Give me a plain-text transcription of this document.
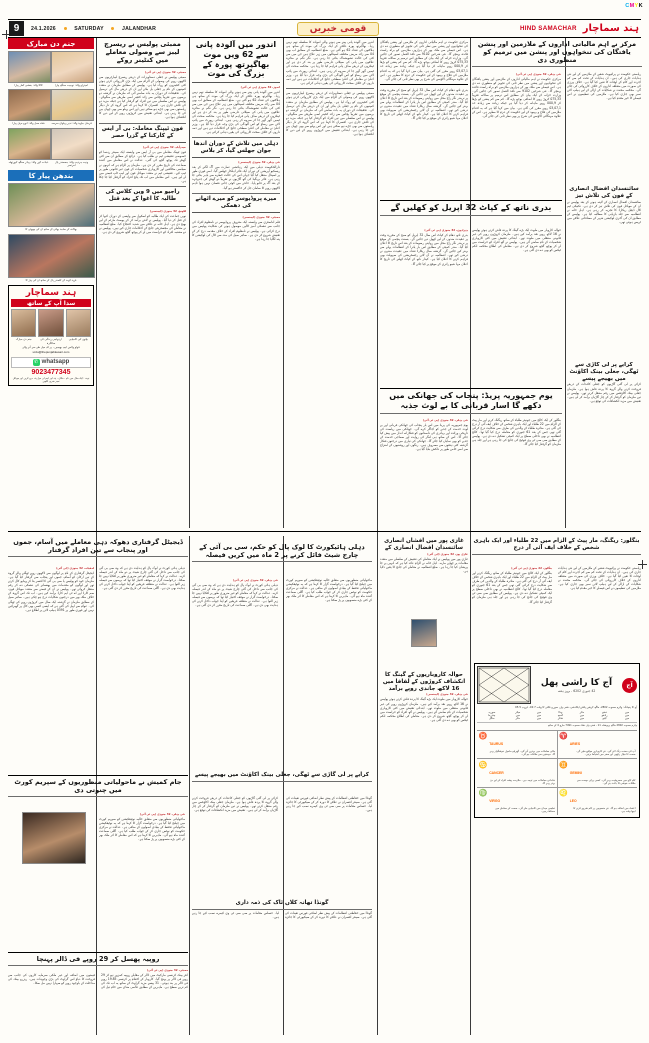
CMYK
9	24.1.2026	SATURDAY	JALANDHAR	قومی خبریں	HIND SAMACHAR ہند سماچار
جنم دن مبارک
کاکا والد: بخشی کمار پیارا	امیتراج والد: نوجیت سنگھ پیارا
شاہ محل والد: انوج مہل پیارا	فرحان جاوید والد: نذیر پہلوان سرسہ
عبادت کور والد: بہادر سنگھ کپورتھلہ	ونیت ہردیپ والد: جسمندر پال امرتسر
بندھن پیار کا
بھاکٹ کے ساجد بھائی کے ساتھ ان کی چھوٹی کا
فرید کوٹ کے کلمندر پال کے ساتھ ان کی پیار کا
ہند سماچار
سدا آپ کے ساتھ
جنم دن مبارک	ازدواجی زندگی کی سالگرہ
بچوں کی کامیابی
فوٹو واٹس ایپ بھیجیں ، پر ای میل طے سے آنے والے
urdu@thepunjabkesari.com
✆ whatsapp
9023477345
نوٹ : ایک سال میں نام ، مکان ، پتہ اور اہم ای میل پتہ درج کریں اور موبائل نمبر ضرور لکھیں
ممبئی پولیس نے ریسرچ لیبز سے وصولی معاملے میں کنٹینر روکے
ممبئی، 23 جنوری (پی ٹی آئی)
ممبئی پولیس نے جعلی دستاویزات کے ذریعے ریسرچ لیبارٹریوں سے لاکھوں روپے کی وصولی کے الزام میں ایک بڑی کارروائی کرتے ہوئے کئی کنٹینروں کو روک لیا ہے۔ پولیس کے مطابق ملزمان نے متعدد کمپنیوں کے نام پر جعلی بل بنائے اور ان کے ذریعے مال کی ترسیل کی۔ تحقیقات کے دوران یہ بات سامنے آئی کہ ملزمان نے گزشتہ دو برسوں میں تقریباً پچاس سے زائد کنٹینر اسی طریقے سے منگوائے۔ پولیس نے اس سلسلے میں تین افراد کو گرفتار کیا ہے جبکہ مزید دو کی تلاش جاری ہے۔ افسران کا کہنا ہے کہ اس گروہ کے تار دیگر ریاستوں سے بھی جڑے ہو سکتے ہیں اور اس پہلو سے بھی چھان بین کی جا رہی ہے۔ ابتدائی تفتیش میں کروڑوں روپے کے لین دین کا انکشاف ہوا ہے۔
فون ٹیپنگ معاملہ: بی آر ایس کے کارکنا کے گزرا حصر
حیدرآباد، 23 جنوری (پی ٹی آئی)
فون ٹیپنگ معاملے میں بی آر ایس سے وابستہ ایک سینئر رہنما کو خصوصی تفتیشی ٹیم نے طلب کیا ہے۔ ذرائع کے مطابق ان سے کئی گھنٹے تک پوچھ گچھ کی گئی۔ عدالت نے اس معاملے میں آئندہ سماعت کی تاریخ مقرر کر دی ہے۔ ملزمان پر الزام ہے کہ انہوں نے سیاسی مخالفین اور کاروباری شخصیات کے فون غیر قانونی طور پر ٹیپ کیے۔ تفتیشی ٹیم نے متعدد موبائل فون اور لیپ ٹاپ قبضے میں لے لیے ہیں۔ اس معاملے میں اب تک پانچ افراد کو گرفتار کیا جا چکا ہے۔
راجیو میں 9 ویں کلاس کی طالبہ کا اغوا کے بعد قتل
لکھنؤ، 23 جنوری (ایجنسی)
نویں جماعت کی ایک طالبہ کو اسکول سے واپسی کے دوران اغوا کر کے قتل کر دیا گیا۔ پولیس نے لاش برآمد کر کے پوسٹ مارٹم کے لیے بھیج دی ہے۔ اہل خانہ نے علاقے میں شدید احتجاج کیا۔ ضلع انتظامیہ نے معاملے کی مجسٹریٹی جانچ کے احکامات جاری کیے ہیں۔ پولیس نے دو مشتبہ افراد کو حراست میں لے کر پوچھ گچھ شروع کر دی ہے۔
اندور میں آلودہ پانی سے 26 ویں موت بھاگیرتھ پورہ کے بزرگ کی موت
اندور، 23 جنوری (پی ٹی آئی)
اندور میں آلودہ پانی پینے سے ہونے والی اموات کا سلسلہ تھم نہیں رہا۔ بھاگیرتھ پورہ علاقے کے ایک بزرگ کی موت کے ساتھ ہی ہلاکتوں کی تعداد 26 ہو گئی ہے۔ ضلع انتظامیہ کے مطابق اب بھی 40 سے زائد مریض مختلف اسپتالوں میں زیر علاج ہیں جن میں سے کئی کی حالت تشویشناک بتائی جا رہی ہے۔ نگر نگم نے متاثرہ علاقوں میں پانی کی سپلائی عارضی طور پر بند کر دی ہے اور ٹینکروں کے ذریعے صاف پانی فراہم کیا جا رہا ہے۔ محکمہ صحت کی ٹیمیں گھر گھر جا کر سروے کر رہی ہیں۔ ابتدائی رپورٹ میں پائپ لائن میں رساؤ کو اس آلودگی کی بڑی وجہ قرار دیا گیا ہے۔ وزیر اعلیٰ نے معاملے کی اعلیٰ سطحی جانچ کے احکامات دیے ہیں اور ذمہ داروں کے خلاف سخت کارروائی کی یقین دہانی کرائی ہے۔
دہلی میں تلاش کے دوران اندھا جوان جھلس گیا، کر بلاس
نئی دہلی، 23 جنوری (ایجنسی)
دارالحکومت دہلی میں ایک رہائشی عمارت میں آگ لگنے کے بعد ریسکیو آپریشن کے دوران ایک فائر اہلکار جھلس گیا۔ اسے فوری طور پر اسپتال منتقل کیا گیا جہاں اس کی حالت خطرے سے باہر بتائی جا رہی ہے۔ فائر بریگیڈ کی آٹھ گاڑیوں نے تقریباً دو گھنٹے کی جدوجہد کے بعد آگ پر قابو پایا۔ حادثے میں کوئی جانی نقصان نہیں ہوا تاہم لاکھوں روپے کا سامان جل کر خاکستر ہو گیا۔
میرے پروڈیوسر کو میرے اٹھانے کی دھمکی
ممبئی، 23 جنوری (ایجنسی)
فلم انڈسٹری سے وابستہ ایک معروف پروڈیوسر نے نامعلوم افراد کی جانب سے دھمکی آمیز کالیں موصول ہونے کی شکایت پولیس میں درج کرائی ہے۔ پولیس نے نامعلوم افراد کے خلاف مقدمہ درج کر کے تفتیش شروع کر دی ہے۔ سائبر سیل کی مدد سے کال کی لوکیشن کا پتہ لگایا جا رہا ہے۔
اندور میں آلودہ پانی پینے سے ہونے والی اموات کا سلسلہ تھم نہیں رہا۔ بھاگیرتھ پورہ علاقے کے ایک بزرگ کی موت کے ساتھ ہی ہلاکتوں کی تعداد 26 ہو گئی ہے۔ ضلع انتظامیہ کے مطابق اب بھی 40 سے زائد مریض مختلف اسپتالوں میں زیر علاج ہیں جن میں سے کئی کی حالت تشویشناک بتائی جا رہی ہے۔ نگر نگم نے متاثرہ علاقوں میں پانی کی سپلائی عارضی طور پر بند کر دی ہے اور ٹینکروں کے ذریعے صاف پانی فراہم کیا جا رہا ہے۔ محکمہ صحت کی ٹیمیں گھر گھر جا کر سروے کر رہی ہیں۔ ابتدائی رپورٹ میں پائپ لائن میں رساؤ کو اس آلودگی کی بڑی وجہ قرار دیا گیا ہے۔ وزیر اعلیٰ نے معاملے کی اعلیٰ سطحی جانچ کے احکامات دیے ہیں اور ذمہ داروں کے خلاف سخت کارروائی کی یقین دہانی کرائی ہے۔
ممبئی پولیس نے جعلی دستاویزات کے ذریعے ریسرچ لیبارٹریوں سے لاکھوں روپے کی وصولی کے الزام میں ایک بڑی کارروائی کرتے ہوئے کئی کنٹینروں کو روک لیا ہے۔ پولیس کے مطابق ملزمان نے متعدد کمپنیوں کے نام پر جعلی بل بنائے اور ان کے ذریعے مال کی ترسیل کی۔ تحقیقات کے دوران یہ بات سامنے آئی کہ ملزمان نے گزشتہ دو برسوں میں تقریباً پچاس سے زائد کنٹینر اسی طریقے سے منگوائے۔ پولیس نے اس سلسلے میں تین افراد کو گرفتار کیا ہے جبکہ مزید دو کی تلاش جاری ہے۔ افسران کا کہنا ہے کہ اس گروہ کے تار دیگر ریاستوں سے بھی جڑے ہو سکتے ہیں اور اس پہلو سے بھی چھان بین کی جا رہی ہے۔ ابتدائی تفتیش میں کروڑوں روپے کے لین دین کا انکشاف ہوا ہے۔
مرکزی حکومت نے اہم مالیاتی اداروں کے ملازمین اور پنشن یافتگان کی تنخواہوں اور پنشن میں نظر ثانی کی تجویز کو منظوری دے دی ہے۔ اس فیصلے سے ملک بھر کے ہزاروں ملازمین کو براہ راست فائدہ پہنچے گا۔ نئی شرحیں 2019 سے نافذ العمل تصور کی جائیں گی۔ وزارت خزانہ کے ایک بیان کے مطابق اس ترمیم پر سالانہ تقریباً 33,570 کروڑ روپے کا اضافی بوجھ پڑے گا۔ کم سے کم پنشن کو بڑھا کر 9,000 روپے ماہانہ کر دیا گیا ہے جبکہ زیادہ سے زیادہ حد 1,70,30 روپے مقرر کی گئی ہے۔ بیان میں کہا گیا ہے کہ یہ اقدام ملازمین کی فلاح و بہبود کے لیے حکومت کے عزم کا مظہر ہے۔ اس کے علاوہ مہنگائی الاؤنس کی شرح پر بھی نظر ثانی کی جائے گی۔
بدری ناتھ دھام کے کپاٹ اس سال 23 اپریل کو صبح کے مقررہ وقت پر عقیدت مندوں کے لیے کھول دیے جائیں گے۔ بسنت پنچمی کے موقع پر نریندر نگر راج محل میں روایتی رسومات کے بعد اس تاریخ کا اعلان کیا گیا۔ مندر کمیٹی کے مطابق اس بار یاترا کے انتظامات پہلے سے بہتر کیے جائیں گے۔ گزشتہ سال ریکارڈ تعداد میں عقیدت مندوں نے درشن کیے تھے۔ انتظامیہ نے آن لائن رجسٹریشن کی سہولت بھی فراہم کرنے کا اعلان کیا ہے۔ کیدار ناتھ کے کپاٹ کھلنے کی تاریخ کا اعلان مہا شیو راتری کے موقع پر کیا جائے گا۔
مرکز نے اہم مالیاتی اداروں کے ملازمین اور پنشن یافتگان کی تنخواہوں اور پنشن میں ترمیم کو منظوری دی
نئی دہلی، 23 جنوری (پی ٹی آئی)
مرکزی حکومت نے اہم مالیاتی اداروں کے ملازمین اور پنشن یافتگان کی تنخواہوں اور پنشن میں نظر ثانی کی تجویز کو منظوری دے دی ہے۔ اس فیصلے سے ملک بھر کے ہزاروں ملازمین کو براہ راست فائدہ پہنچے گا۔ نئی شرحیں 2019 سے نافذ العمل تصور کی جائیں گی۔ وزارت خزانہ کے ایک بیان کے مطابق اس ترمیم پر سالانہ تقریباً 33,570 کروڑ روپے کا اضافی بوجھ پڑے گا۔ کم سے کم پنشن کو بڑھا کر 9,000 روپے ماہانہ کر دیا گیا ہے جبکہ زیادہ سے زیادہ حد 1,70,30 روپے مقرر کی گئی ہے۔ بیان میں کہا گیا ہے کہ یہ اقدام ملازمین کی فلاح و بہبود کے لیے حکومت کے عزم کا مظہر ہے۔ اس کے علاوہ مہنگائی الاؤنس کی شرح پر بھی نظر ثانی کی جائے گی۔
ریاستی حکومت نے پرائیویٹ شعبے کے ملازمین کے لیے نئی ہدایات جاری کی ہیں۔ ان ہدایات کے تحت کم سے کم اجرت اور کام کے اوقات کا تعین کیا گیا ہے۔ خلاف ورزی کی صورت میں متعلقہ اداروں کے خلاف کارروائی کی جائے گی۔ محکمہ محنت نے شکایات کے ازالے کے لیے ہیلپ لائن نمبر بھی جاری کیا ہے۔ ملازمین کی تنظیموں نے اس فیصلے کا خیر مقدم کیا ہے۔
بدری ناتھ کے کپاٹ 23 اپریل کو کھلیں گے
دہرادون، 23 جنوری (پی ٹی آئی)
بدری ناتھ دھام کے کپاٹ اس سال 23 اپریل کو صبح کے مقررہ وقت پر عقیدت مندوں کے لیے کھول دیے جائیں گے۔ بسنت پنچمی کے موقع پر نریندر نگر راج محل میں روایتی رسومات کے بعد اس تاریخ کا اعلان کیا گیا۔ مندر کمیٹی کے مطابق اس بار یاترا کے انتظامات پہلے سے بہتر کیے جائیں گے۔ گزشتہ سال ریکارڈ تعداد میں عقیدت مندوں نے درشن کیے تھے۔ انتظامیہ نے آن لائن رجسٹریشن کی سہولت بھی فراہم کرنے کا اعلان کیا ہے۔ کیدار ناتھ کے کپاٹ کھلنے کی تاریخ کا اعلان مہا شیو راتری کے موقع پر کیا جائے گا۔
حوالہ کاروبار میں ملوث ایک بڑے گینگ کا پردہ فاش کرتے ہوئے پولیس نے 61 لاکھ روپے نقد برآمد کیے ہیں۔ ملزمان کروڑوں روپے کی غیر قانونی منتقلی میں ملوث تھے۔ ابتدائی تفتیش میں کئی کاروباری شخصیات کے نام سامنے آئے ہیں۔ پولیس نے آٹھ افراد کو حراست میں لے کر پوچھ گچھ شروع کر دی ہے۔ معاملے کی اطلاع محکمہ انکم ٹیکس کو بھی دے دی گئی ہے۔
سائنسدان افضال انصاری کے فون کی تلاش تیز
سائنسدان افضال انصاری کے لاپتہ ہونے کے بعد پولیس نے ان کے موبائل فون کی تلاش تیز کر دی ہے۔ تکنیکی ٹیم کال ڈیٹیل ریکارڈ کا تجزیہ کر رہی ہے۔ اہل خانہ نے انتظامیہ سے جلد بازیابی کا مطالبہ کیا ہے۔ پولیس کے مطابق ان کی آخری لوکیشن شہر کے مضافاتی علاقے میں ٹریس ہوئی تھی۔
یوم جمہوریہ پریڈ: پنجاب کی جھانکی میں دکھے گا اسار قربانی کا بے لوث جذبہ
نئی دہلی، 23 جنوری (پی ٹی آئی)
یوم جمہوریہ کی پریڈ میں اس بار پنجاب کی جھانکی قربانی اور بے لوث خدمت کے جذبے کو اجاگر کرے گی۔ جھانکی میں ریاست کی تاریخی وراثت اور بہادری کی داستانوں کو فنکارانہ انداز میں پیش کیا جائے گا۔ اس کے ساتھ ہی لنگر کی روایت اور سماجی خدمت کے جذبے کو بھی نمایاں کیا جائے گا۔ جھانکی کی تیاری میں درجنوں فنکار گزشتہ کئی ہفتوں سے مصروف ہیں۔ رنگوں اور روشنیوں کے امتزاج سے اسے خاص طور پر دلکش بنایا گیا ہے۔
بنگلور کے ایک کالج میں جونیئر طلباء کے ساتھ ریگنگ کرنے اور مار پیٹ کے الزام میں 22 طلباء اور ایک باہری شخص کے خلاف ایف آئی آر درج کی گئی ہے۔ متاثرہ طلباء کے والدین کی طرف سے شکایت درج کرائی گئی تھی جس کے بعد 16 جنوری کو معاملہ درج کیا گیا تھا۔ کالج انتظامیہ نے بھی داخلی سطح پر ایک کمیٹی تشکیل دے دی ہے۔ پولیس کے مطابق سی سی ٹی وی فوٹیج کی جانچ کی جا رہی ہے اور جلد ہی ملزمان کو گرفتار کیا جائے گا۔
کرایے پر لی گاڑی سے ٹھگی، جعلی بینک اکاؤنٹ میں بھیجے پیسے
کرائے پر لی گئی گاڑیوں کو جعلی کاغذات کے ذریعے فروخت کرنے والے گروہ کا پردہ فاش ہوا ہے۔ ملزمان جعلی بینک اکاؤنٹس میں رقم منتقل کرتے تھے۔ پولیس نے تین ملزمان کو گرفتار کر کے چار گاڑیاں برآمد کر لی ہیں۔ تفتیش میں مزید انکشافات کی توقع ہے۔
ڈیجیٹل گرفتاری دھوکہ دہی معاملے میں آسام، جموں اور پنجاب سے تین افراد گرفتار
لدھیانہ، 23 جنوری (این آئی)
ڈیجیٹل گرفتاری کے نام پر لوگوں سے لاکھوں روپے ٹھگنے والے گروہ کے تین ارکان کو آسام، جموں اور پنجاب سے گرفتار کیا گیا ہے۔ ملزمان خود کو پولیس یا سی بی آئی کا افسر بتا کر ویڈیو کال کرتے تھے اور لوگوں کو مقدمات میں پھنسانے کی دھمکی دے کر رقم منتقل کرواتے تھے۔ پولیس نے ان کے قبضے سے متعدد موبائل فون، سم کارڈ اور اے ٹی ایم کارڈ برآمد کیے ہیں۔ اب تک اس گروہ کے خلاف ملک بھر میں درجنوں شکایات درج ہو چکی ہیں۔ سائبر سیل کے مطابق ملزمان نے گزشتہ ایک سال میں کروڑوں روپے کی ٹھگی کی۔ عوام سے اپیل کی گئی ہے کہ ایسی کسی بھی کال پر گھبرائیں نہیں اور فوری طور پر 1930 ہیلپ لائن پر اطلاع دیں۔
دہلی ہائی کورٹ نے لوک پال کو ہدایت دی ہے کہ وہ سی بی آئی کی جانب سے داخل کی گئی چارج شیٹ پر دو ماہ کے اندر فیصلہ کرے۔ عدالت نے کہا کہ معاملے کو غیر ضروری طور پر لٹکایا نہیں جا سکتا۔ درخواست گزار نے موقف اختیار کیا تھا کہ برسوں سے فیصلہ زیر التوا ہے۔ عدالت نے متعلقہ فریقین کو اپنا جواب داخل کرنے کی ہدایت بھی دی ہے۔ اگلی سماعت کی تاریخ مقرر کر دی گئی ہے۔

دہلی ہائیکورٹ کا لوک پال کو حکم، سی بی آئی کے چارج شیٹ فائل کرنے پر 2 ماہ میں کریں فیصلہ
نئی دہلی، 23 جنوری (پی ٹی آئی)
دہلی ہائی کورٹ نے لوک پال کو ہدایت دی ہے کہ وہ سی بی آئی کی جانب سے داخل کی گئی چارج شیٹ پر دو ماہ کے اندر فیصلہ کرے۔ عدالت نے کہا کہ معاملے کو غیر ضروری طور پر لٹکایا نہیں جا سکتا۔ درخواست گزار نے موقف اختیار کیا تھا کہ برسوں سے فیصلہ زیر التوا ہے۔ عدالت نے متعلقہ فریقین کو اپنا جواب داخل کرنے کی ہدایت بھی دی ہے۔ اگلی سماعت کی تاریخ مقرر کر دی گئی ہے۔
ماحولیاتی منظوریوں سے متعلق حالیہ نوٹیفکیشن کو سپریم کورٹ میں چیلنج کیا گیا ہے۔ درخواست گزار کا کہنا ہے کہ یہ نوٹیفکیشن ماحولیاتی تحفظ کے بنیادی اصولوں کے منافی ہے۔ عدالت نے مرکزی حکومت کو نوٹس جاری کر کے جواب طلب کیا ہے۔ اگلی سماعت آئندہ ماہ ہو گی۔ ماہرین کا کہنا ہے کہ اس معاملے کا اثر ملک بھر کے کئی بڑے منصوبوں پر پڑ سکتا ہے۔
غازی پور میں افشاں انصاری سائنسدان افضال انصاری کے
غازی پور، 23 جنوری (این آئی)
غازی پور میں پولیس نے ایک معاملے کی تفتیش کے سلسلے میں متعدد مقامات پر چھاپے مارے۔ اہل خانہ نے الزام عائد کیا ہے کہ انہیں بے جا پریشان کیا جا رہا ہے۔ ضلع انتظامیہ نے معاملے کی جانچ کا یقین دلایا ہے۔
بنگلور: ریگنگ، مار پیٹ کے الزام میں 22 طلباء اور ایک باہری شخص کے خلاف ایف آئی آر درج
بنگلور، 22 جنوری (پی ٹی آئی)
بنگلور کے ایک کالج میں جونیئر طلباء کے ساتھ ریگنگ کرنے اور مار پیٹ کے الزام میں 22 طلباء اور ایک باہری شخص کے خلاف ایف آئی آر درج کی گئی ہے۔ متاثرہ طلباء کے والدین کی طرف سے شکایت درج کرائی گئی تھی جس کے بعد 16 جنوری کو معاملہ درج کیا گیا تھا۔ کالج انتظامیہ نے بھی داخلی سطح پر ایک کمیٹی تشکیل دے دی ہے۔ پولیس کے مطابق سی سی ٹی وی فوٹیج کی جانچ کی جا رہی ہے اور جلد ہی ملزمان کو گرفتار کیا جائے گا۔
ریاستی حکومت نے پرائیویٹ شعبے کے ملازمین کے لیے نئی ہدایات جاری کی ہیں۔ ان ہدایات کے تحت کم سے کم اجرت اور کام کے اوقات کا تعین کیا گیا ہے۔ خلاف ورزی کی صورت میں متعلقہ اداروں کے خلاف کارروائی کی جائے گی۔ محکمہ محنت نے شکایات کے ازالے کے لیے ہیلپ لائن نمبر بھی جاری کیا ہے۔ ملازمین کی تنظیموں نے اس فیصلے کا خیر مقدم کیا ہے۔
حوالہ کاروباریوں کے گینگ کا انکشاف کروڑوں کے لفافا میں 61 لاکھ جاندی روپے برآمد
نئی دہلی، 23 جنوری (ایجنسی)
حوالہ کاروبار میں ملوث ایک بڑے گینگ کا پردہ فاش کرتے ہوئے پولیس نے 61 لاکھ روپے نقد برآمد کیے ہیں۔ ملزمان کروڑوں روپے کی غیر قانونی منتقلی میں ملوث تھے۔ ابتدائی تفتیش میں کئی کاروباری شخصیات کے نام سامنے آئے ہیں۔ پولیس نے آٹھ افراد کو حراست میں لے کر پوچھ گچھ شروع کر دی ہے۔ معاملے کی اطلاع محکمہ انکم ٹیکس کو بھی دے دی گئی ہے۔
کرایے پر لی گاڑی سے ٹھگی، جعلی بینک اکاؤنٹ میں بھیجے پیسے
کرائے پر لی گئی گاڑیوں کو جعلی کاغذات کے ذریعے فروخت کرنے والے گروہ کا پردہ فاش ہوا ہے۔ ملزمان جعلی بینک اکاؤنٹس میں رقم منتقل کرتے تھے۔ پولیس نے تین ملزمان کو گرفتار کر کے چار گاڑیاں برآمد کر لی ہیں۔ تفتیش میں مزید انکشافات کی توقع ہے۔
گونڈا میں حفاظتی انتظامات کے پیش نظر اضافی فورس تعینات کی گئی ہے۔ سینئر افسران نے علاقے کا دورہ کر کے سیکیورٹی کا جائزہ لیا۔ حساس مقامات پر سی سی ٹی وی کیمرے نصب کیے جا رہے ہیں۔
گونڈا تھانہ کلاں ٹاک کی ذمہ داری
گونڈا میں حفاظتی انتظامات کے پیش نظر اضافی فورس تعینات کی گئی ہے۔ سینئر افسران نے علاقے کا دورہ کر کے سیکیورٹی کا جائزہ لیا۔ حساس مقامات پر سی سی ٹی وی کیمرے نصب کیے جا رہے ہیں۔
جام کمیش نے ماحولیاتی منظوریوں کے سپریم کورٹ میں چنوتی دی
نئی دہلی، 23 جنوری (پی ٹی آئی)
ماحولیاتی منظوریوں سے متعلق حالیہ نوٹیفکیشن کو سپریم کورٹ میں چیلنج کیا گیا ہے۔ درخواست گزار کا کہنا ہے کہ یہ نوٹیفکیشن ماحولیاتی تحفظ کے بنیادی اصولوں کے منافی ہے۔ عدالت نے مرکزی حکومت کو نوٹس جاری کر کے جواب طلب کیا ہے۔ اگلی سماعت آئندہ ماہ ہو گی۔ ماہرین کا کہنا ہے کہ اس معاملے کا اثر ملک بھر کے کئی بڑے منصوبوں پر پڑ سکتا ہے۔
روپیہ پھسل کر 92 روپے فی ڈالر پہنچا
ممبئی، 23 جنوری (پی ٹی آئی)
انٹر بینک کرنسی مارکیٹ میں ڈالر کے مقابلے روپیہ کمزور ہو کر 92 روپے فی ڈالر پر پہنچ گیا۔ کاروبار کے اختتام پر کرنسی 58.91 روپے فی ڈالر پر بند ہوئی۔ 13 پیسے مزید گراوٹ کے ساتھ یہ اب تک کی کم ترین سطح ہے۔ ماہرین کے مطابق عالمی منڈی میں خام تیل کی قیمتوں میں اضافہ اور غیر ملکی سرمایہ کاروں کی جانب سے فروخت کا دباؤ اس گراوٹ کی بڑی وجوہات ہیں۔ ریزرو بینک کی مداخلت کے باوجود روپے کو سہارا نہیں مل سکا۔
آج کا راشی پھل
24 جنوری 2026 ، بروز ہفتہ
آج
آج کا پنچانگ: وکرم سموت 2082، ماگھ کرشن پکش ایکادشی، شنی وار، سورج نکلنے کا وقت 7:20، غروب 5:50
سوریہ	میکر	مین	ونڈا	مکر	دھنو	مین
چندرما	مین	مین	کمبھ	مین	رادھو	مین
منگل	مکر	مین	شکر	مین	کیتو	مین
وکرم سموت 2082 ماگھ پرویشٹہ 11 ، شنی وار، شک سموت 1947 مارچ 4 کے ساتھ
♉
TAURUS
مالی معاملات میں بہتری آئے گی۔ گھریلو ماحول خوشگوار رہے گا۔ دوستوں سے ملاقات ہو گی۔
♈
ARIES
آپ کی محنت رنگ لائے گی۔ نئے کاروباری مواقع ملیں گے۔ صحت کا خیال رکھیں اور سفر میں احتیاط برتیں۔
♋
CANCER
خاندانی معاملات میں توجہ دیں۔ ملازمت پیشہ افراد کے لیے دن بہتر رہے گا۔
♊
GEMINI
کام کاج میں مصروفیت رہے گی۔ کسی پرانے دوست سے ملاقات خوشی کا باعث بنے گی۔
♍
VIRGO
تعلیمی میدان میں کامیابی ملے گی۔ صحت کے معاملے میں محتاط رہیں۔
♌
LEO
اعتماد میں اضافہ ہو گا۔ نئے منصوبوں پر کام شروع کرنے کا اچھا وقت ہے۔
